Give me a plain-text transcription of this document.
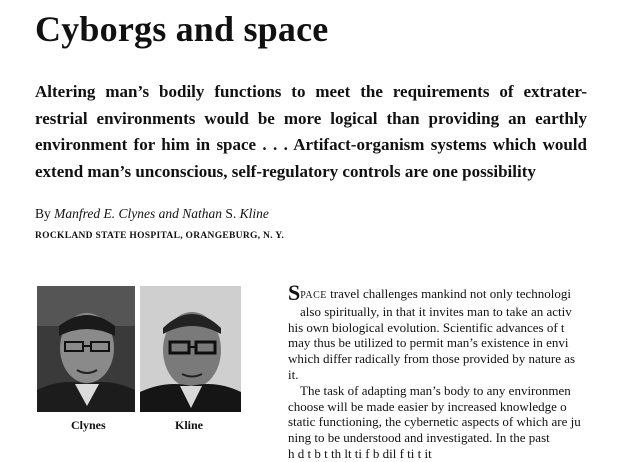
Cyborgs and space
Altering man’s bodily functions to meet the requirements of extrater-
restrial environments would be more logical than providing an earthly
environment for him in space . . . Artifact-organism systems which would
extend man’s unconscious, self-regulatory controls are one possibility
By Manfred E. Clynes and Nathan S. Kline
ROCKLAND STATE HOSPITAL, ORANGEBURG, N. Y.
Clynes	Kline
SPACE travel challenges mankind not only technologi
also spiritually, in that it invites man to take an activ
his own biological evolution. Scientific advances of t
may thus be utilized to permit man’s existence in envi
which differ radically from those provided by nature as
it.
The task of adapting man’s body to any environmen
choose will be made easier by increased knowledge o
static functioning, the cybernetic aspects of which are ju
ning to be understood and investigated. In the past
h d t b t th lt ti f b dil f ti t it
